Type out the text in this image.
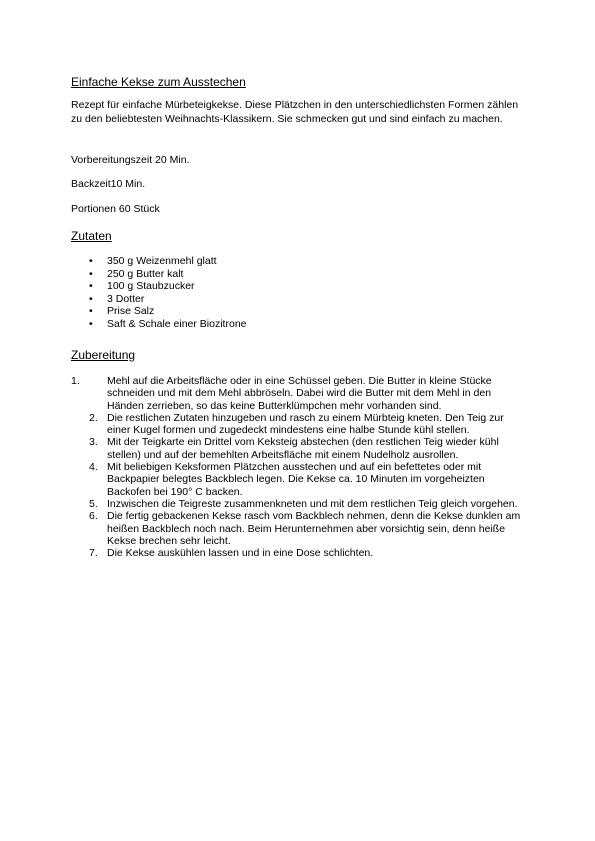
Einfache Kekse zum Ausstechen

Rezept für einfache Mürbeteigkekse. Diese Plätzchen in den unterschiedlichsten Formen zählen zu den beliebtesten Weihnachts-Klassikern. Sie schmecken gut und sind einfach zu machen.

Vorbereitungszeit 20 Min.

Backzeit10 Min.

Portionen 60 Stück

Zutaten

• 350 g Weizenmehl glatt
• 250 g Butter kalt
• 100 g Staubzucker
• 3 Dotter
• Prise Salz
• Saft & Schale einer Biozitrone

Zubereitung

1.	Mehl auf die Arbeitsfläche oder in eine Schüssel geben. Die Butter in kleine Stücke schneiden und mit dem Mehl abbröseln. Dabei wird die Butter mit dem Mehl in den Händen zerrieben, so das keine Butterklümpchen mehr vorhanden sind.
2. Die restlichen Zutaten hinzugeben und rasch zu einem Mürbteig kneten. Den Teig zur einer Kugel formen und zugedeckt mindestens eine halbe Stunde kühl stellen.
3. Mit der Teigkarte ein Drittel vom Keksteig abstechen (den restlichen Teig wieder kühl stellen) und auf der bemehlten Arbeitsfläche mit einem Nudelholz ausrollen.
4. Mit beliebigen Keksformen Plätzchen ausstechen und auf ein befettetes oder mit Backpapier belegtes Backblech legen. Die Kekse ca. 10 Minuten im vorgeheizten Backofen bei 190° C backen.
5. Inzwischen die Teigreste zusammenkneten und mit dem restlichen Teig gleich vorgehen.
6. Die fertig gebackenen Kekse rasch vom Backblech nehmen, denn die Kekse dunklen am heißen Backblech noch nach. Beim Herunternehmen aber vorsichtig sein, denn heiße Kekse brechen sehr leicht.
7. Die Kekse auskühlen lassen und in eine Dose schlichten.
